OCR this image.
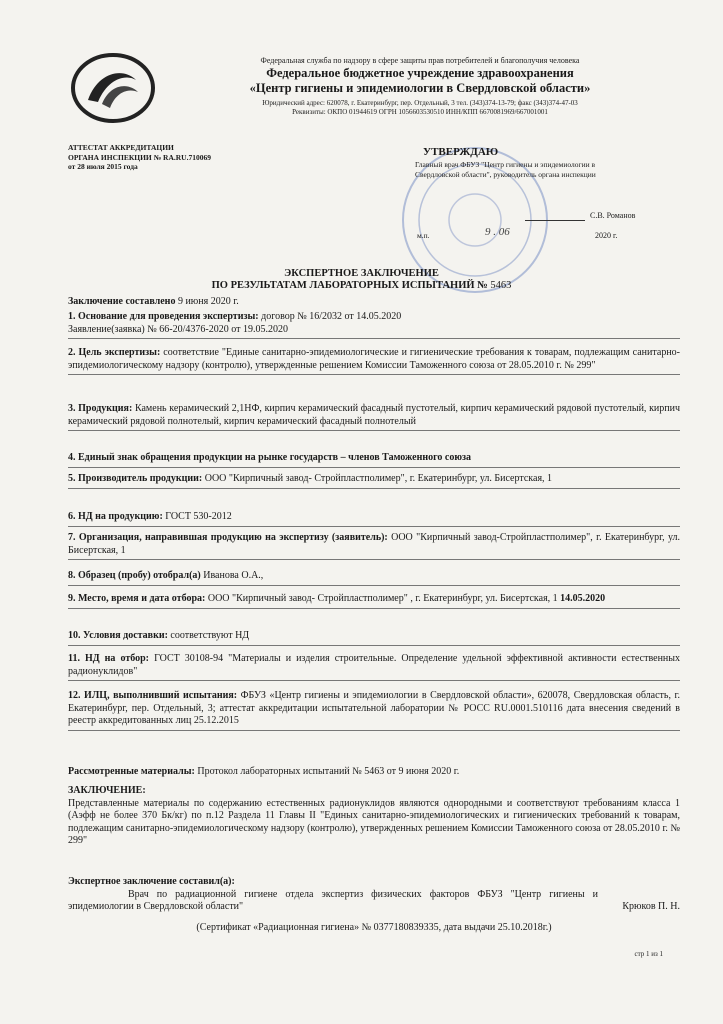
Федеральная служба по надзору в сфере защиты прав потребителей и благополучия человека
Федеральное бюджетное учреждение здравоохранения
«Центр гигиены и эпидемиологии в Свердловской области»
Юридический адрес: 620078, г. Екатеринбург, пер. Отдельный, 3 тел. (343)374-13-79; факс (343)374-47-03
Реквизиты: ОКПО 01944619 ОГРН 1056603530510 ИНН/КПП 6670081969/667001001
АТТЕСТАТ АККРЕДИТАЦИИ
ОРГАНА ИНСПЕКЦИИ № RA.RU.710069
от 28 июля 2015 года
УТВЕРЖДАЮ
Главный врач ФБУЗ "Центр гигиены и эпидемиологии в Свердловской области", руководитель органа инспекции
С.В. Романов
м.п.	9 . 06	2020 г.
ЭКСПЕРТНОЕ ЗАКЛЮЧЕНИЕ
ПО РЕЗУЛЬТАТАМ ЛАБОРАТОРНЫХ ИСПЫТАНИЙ № 5463
Заключение составлено 9 июня 2020 г.
1. Основание для проведения экспертизы: договор № 16/2032 от 14.05.2020
Заявление(заявка) № 66-20/4376-2020 от 19.05.2020
2. Цель экспертизы: соответствие "Единые санитарно-эпидемиологические и гигиенические требования к товарам, подлежащим санитарно-эпидемиологическому надзору (контролю), утвержденные решением Комиссии Таможенного союза от 28.05.2010 г. № 299"
3. Продукция: Камень керамический 2,1НФ, кирпич керамический фасадный пустотелый, кирпич керамический рядовой пустотелый, кирпич керамический рядовой полнотелый, кирпич керамический фасадный полнотелый
4. Единый знак обращения продукции на рынке государств – членов Таможенного союза
5. Производитель продукции: ООО "Кирпичный завод- Стройпластполимер", г. Екатеринбург, ул. Бисертская, 1
6. НД на продукцию: ГОСТ 530-2012
7. Организация, направившая продукцию на экспертизу (заявитель): ООО "Кирпичный завод-Стройпластполимер", г. Екатеринбург, ул. Бисертская, 1
8. Образец (пробу) отобрал(а) Иванова О.А.,
9. Место, время и дата отбора: ООО "Кирпичный завод- Стройпластполимер" , г. Екатеринбург, ул. Бисертская, 1 14.05.2020
10. Условия доставки: соответствуют НД
11. НД на отбор: ГОСТ 30108-94 "Материалы и изделия строительные. Определение удельной эффективной активности естественных радионуклидов"
12. ИЛЦ, выполнивший испытания: ФБУЗ «Центр гигиены и эпидемиологии в Свердловской области», 620078, Свердловская область, г. Екатеринбург, пер. Отдельный, 3; аттестат аккредитации испытательной лаборатории № РОСС RU.0001.510116 дата внесения сведений в реестр аккредитованных лиц 25.12.2015
Рассмотренные материалы: Протокол лабораторных испытаний № 5463 от 9 июня 2020 г.
ЗАКЛЮЧЕНИЕ:
Представленные материалы по содержанию естественных радионуклидов являются однородными и соответствуют требованиям класса 1 (Аэфф не более 370 Бк/кг) по п.12 Раздела 11 Главы II "Единых санитарно-эпидемиологических и гигиенических требований к товарам, подлежащим санитарно-эпидемиологическому надзору (контролю), утвержденных решением Комиссии Таможенного союза от 28.05.2010 г. № 299"
Экспертное заключение составил(а):
Врач по радиационной гигиене отдела экспертиз физических факторов ФБУЗ "Центр гигиены и эпидемиологии в Свердловской области"	Крюков П. Н.
(Сертификат «Радиационная гигиена» № 0377180839335, дата выдачи 25.10.2018г.)
стр 1 из 1
